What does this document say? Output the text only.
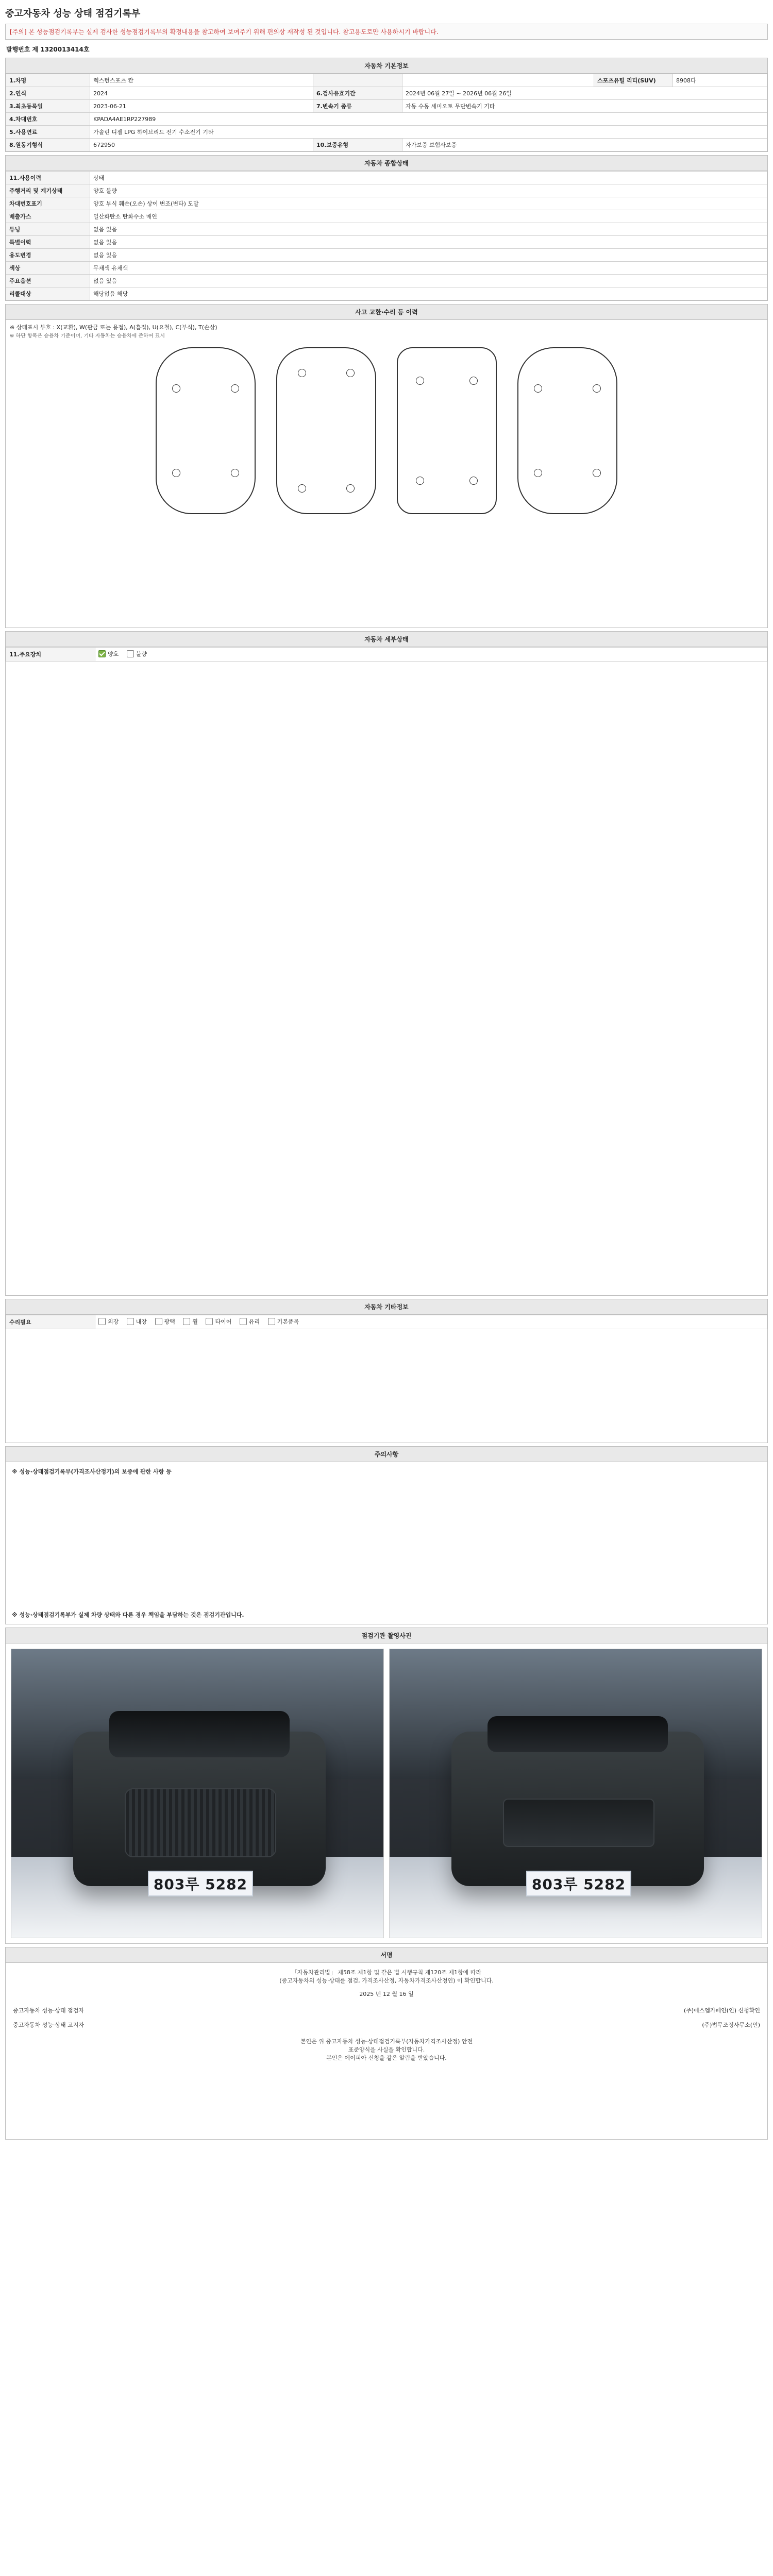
중고자동차 성능 상태 점검기록부
[주의] 본 성능점검기록부는 실제 검사한 성능점검기록부의 확정내용을 참고하여 보여주기 위해 편의상 재작성 된 것입니다. 참고용도로만 사용하시기 바랍니다.
발행번호 제 1320013414호
자동차 기본정보
1.차명	렉스턴스포츠 칸			스포츠유틸 리티(SUV)	8908다
2.연식	2024	6.검사유효기간	2024년 06월 27일 ~ 2026년 06월 26일		
3.최초등록일	2023-06-21	7.변속기 종류	자동 수동 세미오토 무단변속기 기타		
4.차대번호	KPADA4AE1RP227989				
5.사용연료	가솔린 디젤 LPG 하이브리드 전기 수소전기 기타				
8.원동기형식	672950	10.보증유형	자가보증 보험사보증		
자동차 종합상태
11.사용이력	상태
주행거리 및 계기상태	양호 불량
차대번호표기	양호 부식 훼손(오손) 상이 변조(변타) 도말
배출가스	일산화탄소 탄화수소 매연
튜닝	없음 있음
특별이력	없음 있음
용도변경	없음 있음
색상	무채색 유채색
주요옵션	없음 있음
리콜대상	해당없음 해당
사고 교환·수리 등 이력
※ 상태표시 부호 : X(교환), W(판금 또는 용접), A(흠집), U(요철), C(부식), T(손상)
※ 하단 항목은 승용차 기준이며, 기타 자동차는 승용차에 준하여 표시
자동차 세부상태
11.주요장치	양호
	불량
자동차 기타정보
수리필요	외장
	내장
	광택
	휠
	타이어
	유리
	기본품목
주의사항
※ 성능·상태점검기록부(가격조사산정기)의 보증에 관한 사항 등
※ 성능·상태점검기록부가 실제 차량 상태와 다른 경우 책임을 부담하는 것은 점검기관입니다.
점검기관 촬영사진
803루 5282	803루 5282
서명
「자동차관리법」 제58조 제1항 및 같은 법 시행규칙 제120조 제1항에 따라
(중고자동차의 성능·상태를 점검, 가격조사산정, 자동차가격조사산정인) 이 확인합니다.
2025 년 12 월 16 일
중고자동차 성능·상태 점검자	(주)에스엠카페인(인) 신청확인
중고자동차 성능·상태 고지자	(주)법무조정사무소(인)
본인은 위 중고자동차 성능·상태점검기록부(자동차가격조사산정) 안전
표준양식을 사실을 확인합니다.
본인은 에이피아 신청을 같은 알림을 받았습니다.
